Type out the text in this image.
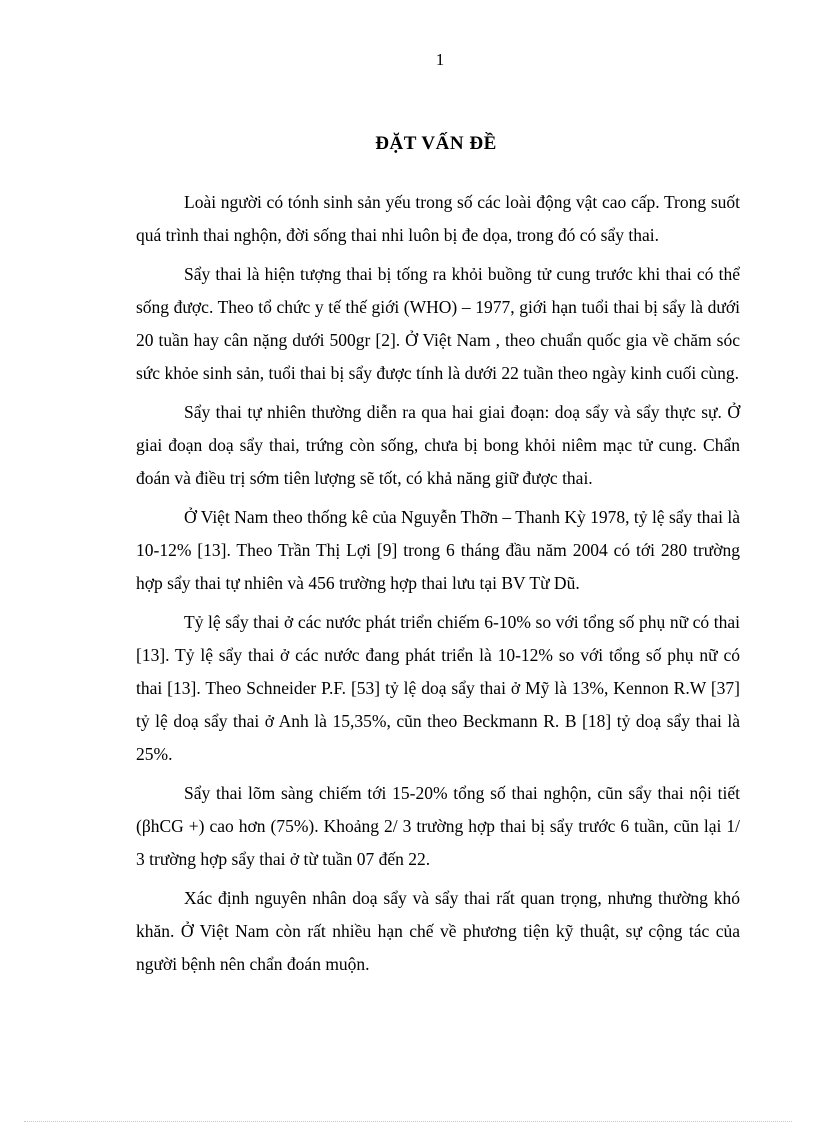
1
ĐẶT VẤN ĐỀ

Loài người có tónh sinh sản yếu trong số các loài động vật cao cấp. Trong suốt quá trình thai nghộn, đời sống thai nhi luôn bị đe dọa, trong đó có sẩy thai.

Sẩy thai là hiện tượng thai bị tống ra khỏi buồng tử cung trước khi thai có thể sống được. Theo tổ chức y tế thế giới (WHO) – 1977, giới hạn tuổi thai bị sẩy là dưới 20 tuần hay cân nặng dưới 500gr [2]. Ở Việt Nam , theo chuẩn quốc gia về chăm sóc sức khỏe sinh sản, tuổi thai bị sẩy được tính là dưới 22 tuần theo ngày kinh cuối cùng.

Sẩy thai tự nhiên thường diễn ra qua hai giai đoạn: doạ sẩy và sẩy thực sự. Ở giai đoạn doạ sẩy thai, trứng còn sống, chưa bị bong khỏi niêm mạc tử cung. Chẩn đoán và điều trị sớm tiên lượng sẽ tốt, có khả năng giữ được thai.

Ở Việt Nam theo thống kê của Nguyễn Thỡn – Thanh Kỳ 1978, tỷ lệ sẩy thai là 10-12% [13]. Theo Trần Thị Lợi [9] trong 6 tháng đầu năm 2004 có tới 280 trường hợp sẩy thai tự nhiên và 456 trường hợp thai lưu tại BV Từ Dũ.

Tỷ lệ sẩy thai ở các nước phát triển chiếm 6-10% so với tổng số phụ nữ có thai [13]. Tỷ lệ sẩy thai ở các nước đang phát triển là 10-12% so với tổng số phụ nữ có thai [13]. Theo Schneider P.F. [53] tỷ lệ doạ sẩy thai ở Mỹ là 13%, Kennon R.W [37] tỷ lệ doạ sẩy thai ở Anh là 15,35%, cũn theo Beckmann R. B [18] tỷ doạ sẩy thai là 25%.

Sẩy thai lõm sàng chiếm tới 15-20% tổng số thai nghộn, cũn sẩy thai nội tiết (βhCG +) cao hơn (75%). Khoảng 2/ 3 trường hợp thai bị sẩy trước 6 tuần, cũn lại 1/ 3 trường hợp sẩy thai ở từ tuần 07 đến 22.

Xác định nguyên nhân doạ sẩy và sẩy thai rất quan trọng, nhưng thường khó khăn. Ở Việt Nam còn rất nhiều hạn chế về phương tiện kỹ thuật, sự cộng tác của người bệnh nên chẩn đoán muộn.
